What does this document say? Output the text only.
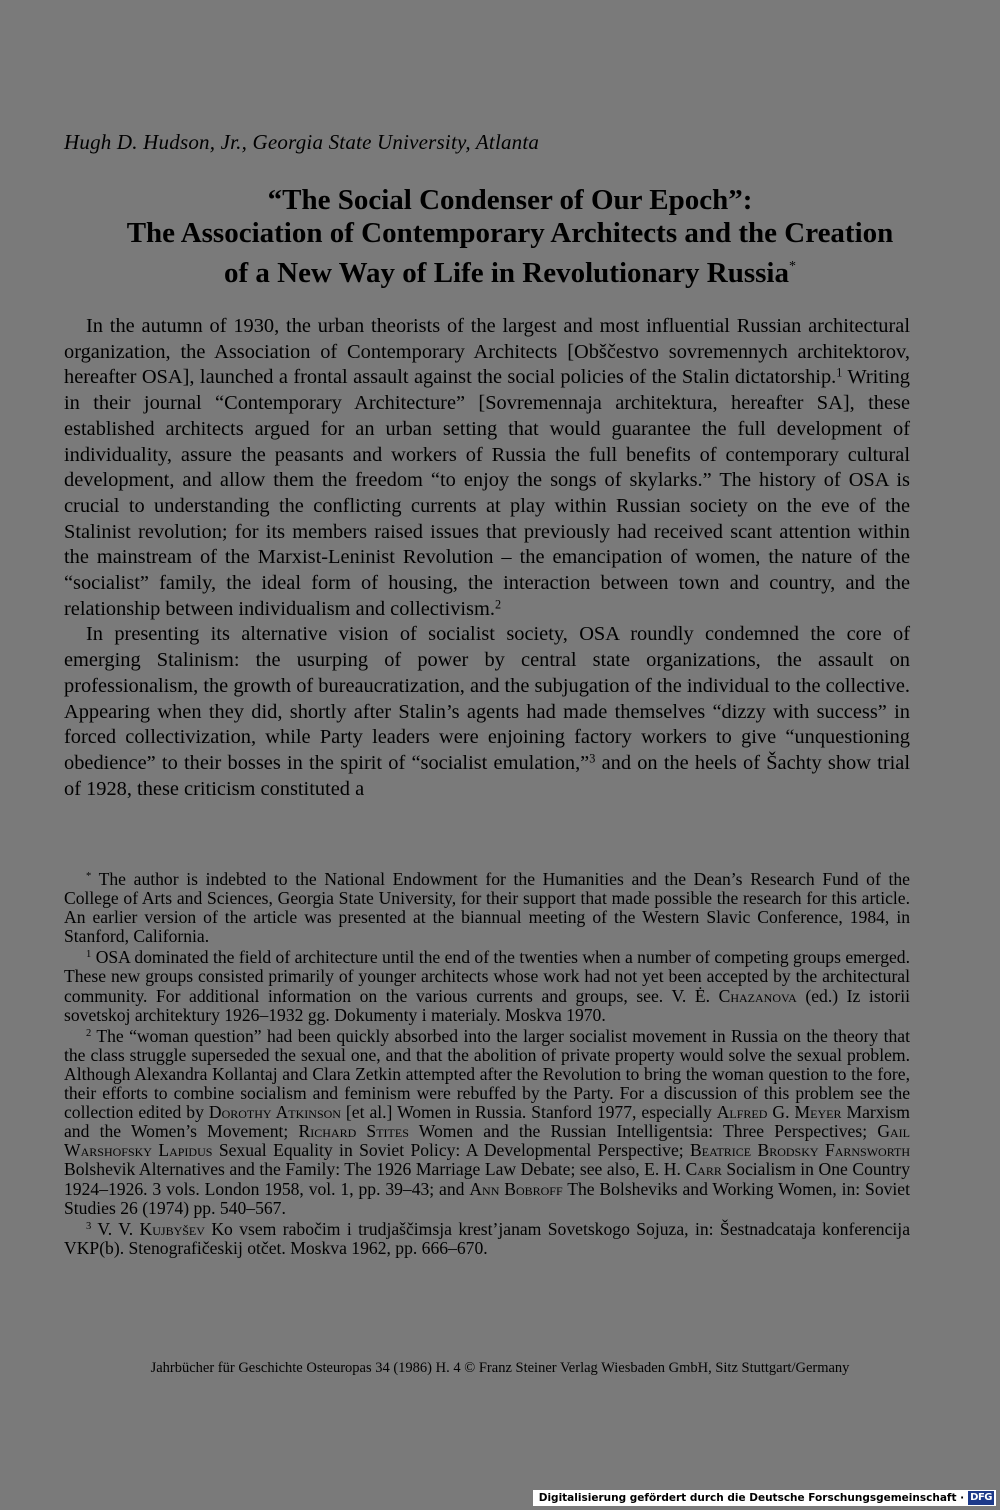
Hugh D. Hudson, Jr., Georgia State University, Atlanta
“The Social Condenser of Our Epoch”:
The Association of Contemporary Architects and the Creation
of a New Way of Life in Revolutionary Russia*

In the autumn of 1930, the urban theorists of the largest and most influential Russian architectural organization, the Association of Contemporary Architects [Obščestvo sovremennych architektorov, hereafter OSA], launched a frontal assault against the social policies of the Stalin dictatorship.$^1$ Writing in their journal “Contemporary Architecture” [Sovremennaja architektura, hereafter SA], these established architects argued for an urban setting that would guarantee the full development of individuality, assure the peasants and workers of Russia the full benefits of contemporary cultural development, and allow them the freedom “to enjoy the songs of skylarks.” The history of OSA is crucial to understanding the conflicting currents at play within Russian society on the eve of the Stalinist revolution; for its members raised issues that previously had received scant attention within the mainstream of the Marxist-Leninist Revolution – the emancipation of women, the nature of the “socialist” family, the ideal form of housing, the interaction between town and country, and the relationship between individualism and collectivism.$^2$

In presenting its alternative vision of socialist society, OSA roundly condemned the core of emerging Stalinism: the usurping of power by central state organizations, the assault on professionalism, the growth of bureaucratization, and the subjugation of the individual to the collective. Appearing when they did, shortly after Stalin’s agents had made themselves “dizzy with success” in forced collectivization, while Party leaders were enjoining factory workers to give “unquestioning obedience” to their bosses in the spirit of “socialist emulation,”$^3$ and on the heels of Šachty show trial of 1928, these criticism constituted a

* The author is indebted to the National Endowment for the Humanities and the Dean’s Research Fund of the College of Arts and Sciences, Georgia State University, for their support that made possible the research for this article. An earlier version of the article was presented at the biannual meeting of the Western Slavic Conference, 1984, in Stanford, California.

$^1$ OSA dominated the field of architecture until the end of the twenties when a number of competing groups emerged. These new groups consisted primarily of younger architects whose work had not yet been accepted by the architectural community. For additional information on the various currents and groups, see. V. Ė. Chazanova (ed.) Iz istorii sovetskoj architektury 1926–1932 gg. Dokumenty i materialy. Moskva 1970.

$^2$ The “woman question” had been quickly absorbed into the larger socialist movement in Russia on the theory that the class struggle superseded the sexual one, and that the abolition of private property would solve the sexual problem. Although Alexandra Kollantaj and Clara Zetkin attempted after the Revolution to bring the woman question to the fore, their efforts to combine socialism and feminism were rebuffed by the Party. For a discussion of this problem see the collection edited by Dorothy Atkinson [et al.] Women in Russia. Stanford 1977, especially Alfred G. Meyer Marxism and the Women’s Movement; Richard Stites Women and the Russian Intelligentsia: Three Perspectives; Gail Warshofsky Lapidus Sexual Equality in Soviet Policy: A Developmental Perspective; Beatrice Brodsky Farnsworth Bolshevik Alternatives and the Family: The 1926 Marriage Law Debate; see also, E. H. Carr Socialism in One Country 1924–1926. 3 vols. London 1958, vol. 1, pp. 39–43; and Ann Bobroff The Bolsheviks and Working Women, in: Soviet Studies 26 (1974) pp. 540–567.

$^3$ V. V. Kujbyšev Ko vsem rabočim i trudjaščimsja krest’janam Sovetskogo Sojuza, in: Šestnadcataja konferencija VKP(b). Stenografičeskij otčet. Moskva 1962, pp. 666–670.

Jahrbücher für Geschichte Osteuropas 34 (1986) H. 4 © Franz Steiner Verlag Wiesbaden GmbH, Sitz Stuttgart/Germany
Digitalisierung gefördert durch die Deutsche Forschungsgemeinschaft · DFG
